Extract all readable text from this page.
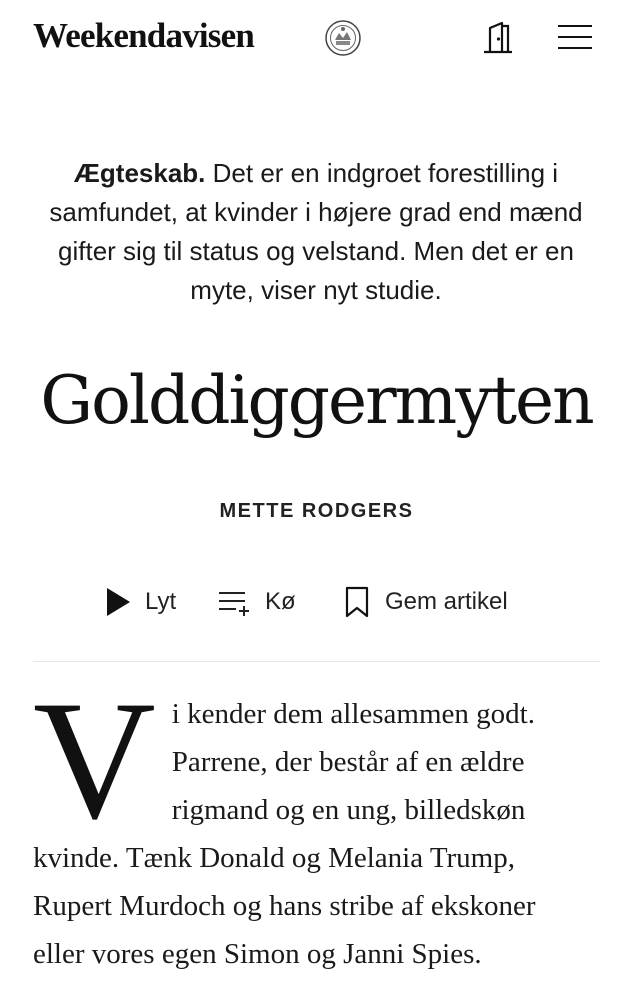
Weekendavisen
Ægteskab. Det er en indgroet forestilling i samfundet, at kvinder i højere grad end mænd gifter sig til status og velstand. Men det er en myte, viser nyt studie.
Golddiggermyten
METTE RODGERS
Lyt	Kø	Gem artikel
V i kender dem allesammen godt. Parrene, der består af en ældre rigmand og en ung, billedskøn kvinde. Tænk Donald og Melania Trump, Rupert Murdoch og hans stribe af ekskoner eller vores egen Simon og Janni Spies.
